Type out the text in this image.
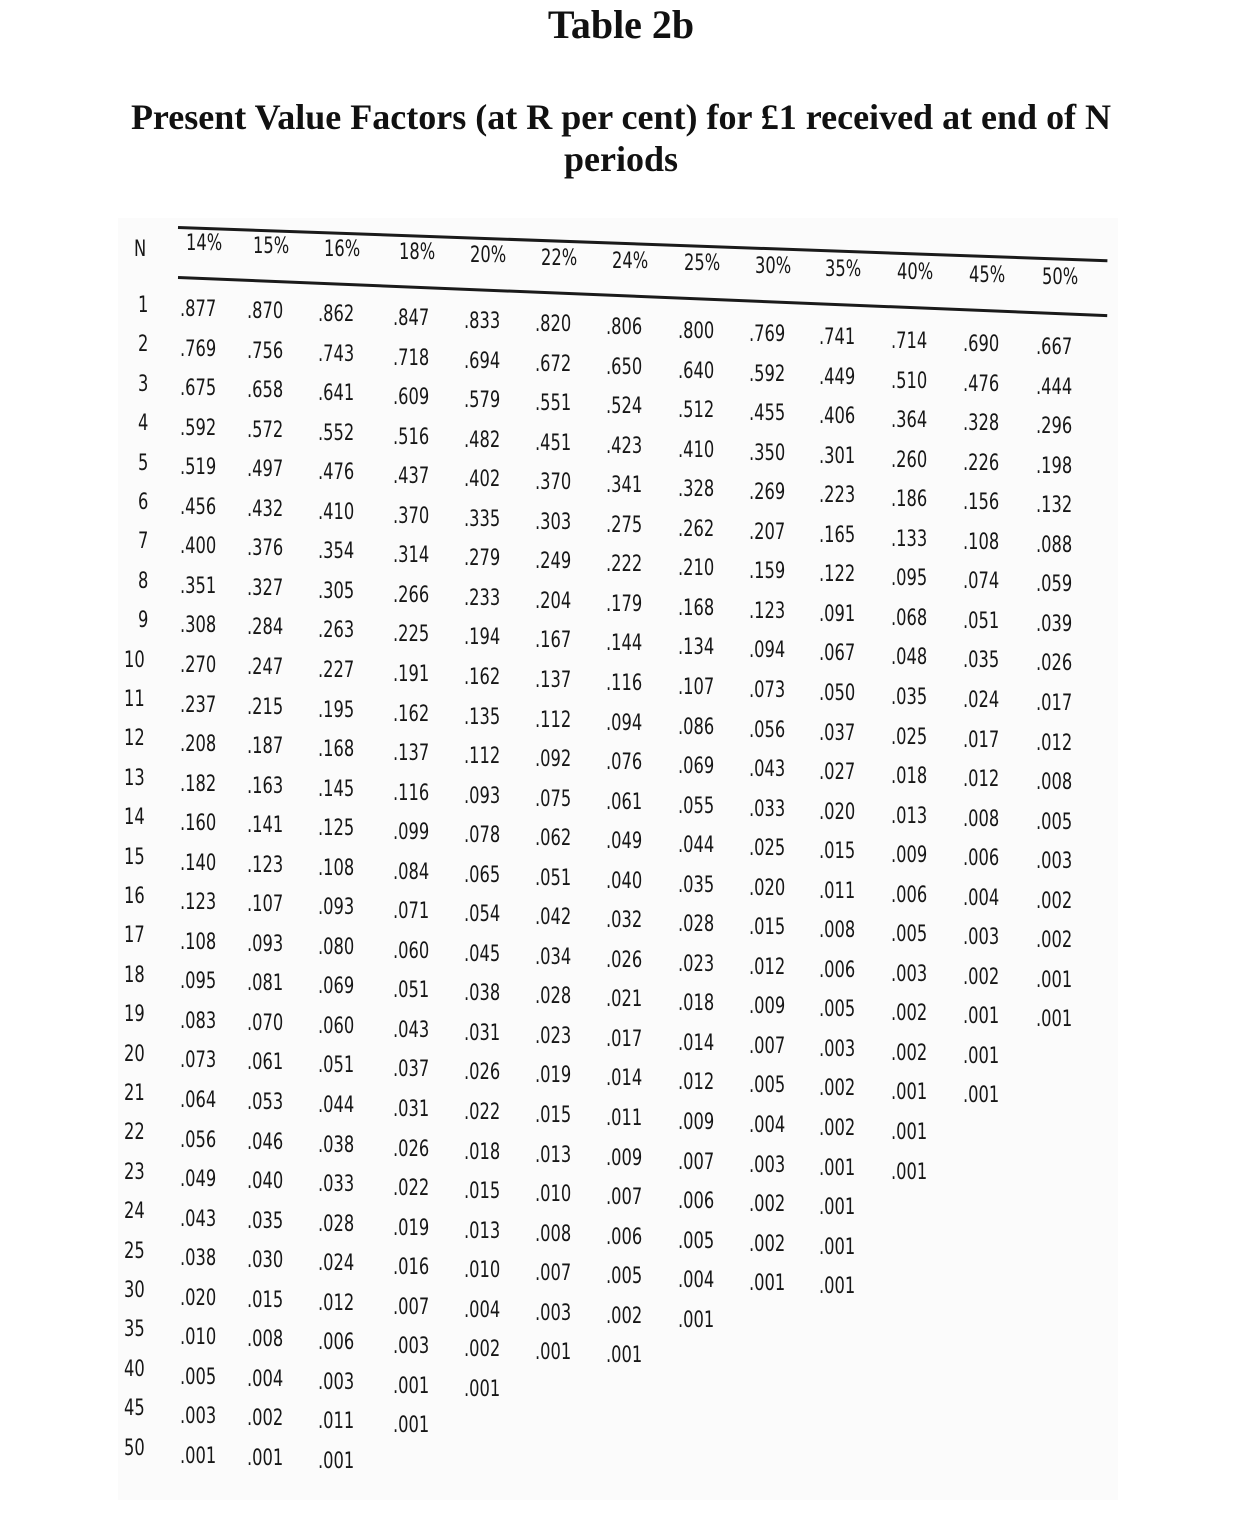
Table 2b
Present Value Factors (at R per cent) for £1 received at end of N periods
N 14% 15% 16% 18% 20% 22% 24% 25% 30% 35% 40% 45% 50%
1
2
3
4
5
6
7
8
9
10
11
12
13
14
15
16
17
18
19
20
21
22
23
24
25
30
35
40
45
50
.877
.769
.675
.592
.519
.456
.400
.351
.308
.270
.237
.208
.182
.160
.140
.123
.108
.095
.083
.073
.064
.056
.049
.043
.038
.020
.010
.005
.003
.001
.870
.756
.658
.572
.497
.432
.376
.327
.284
.247
.215
.187
.163
.141
.123
.107
.093
.081
.070
.061
.053
.046
.040
.035
.030
.015
.008
.004
.002
.001
.862
.743
.641
.552
.476
.410
.354
.305
.263
.227
.195
.168
.145
.125
.108
.093
.080
.069
.060
.051
.044
.038
.033
.028
.024
.012
.006
.003
.011
.001
.847
.718
.609
.516
.437
.370
.314
.266
.225
.191
.162
.137
.116
.099
.084
.071
.060
.051
.043
.037
.031
.026
.022
.019
.016
.007
.003
.001
.001
.833
.694
.579
.482
.402
.335
.279
.233
.194
.162
.135
.112
.093
.078
.065
.054
.045
.038
.031
.026
.022
.018
.015
.013
.010
.004
.002
.001
.820
.672
.551
.451
.370
.303
.249
.204
.167
.137
.112
.092
.075
.062
.051
.042
.034
.028
.023
.019
.015
.013
.010
.008
.007
.003
.001
.806
.650
.524
.423
.341
.275
.222
.179
.144
.116
.094
.076
.061
.049
.040
.032
.026
.021
.017
.014
.011
.009
.007
.006
.005
.002
.001
.800
.640
.512
.410
.328
.262
.210
.168
.134
.107
.086
.069
.055
.044
.035
.028
.023
.018
.014
.012
.009
.007
.006
.005
.004
.001
.769
.592
.455
.350
.269
.207
.159
.123
.094
.073
.056
.043
.033
.025
.020
.015
.012
.009
.007
.005
.004
.003
.002
.002
.001
.741
.449
.406
.301
.223
.165
.122
.091
.067
.050
.037
.027
.020
.015
.011
.008
.006
.005
.003
.002
.002
.001
.001
.001
.001
.714
.510
.364
.260
.186
.133
.095
.068
.048
.035
.025
.018
.013
.009
.006
.005
.003
.002
.002
.001
.001
.001
.690
.476
.328
.226
.156
.108
.074
.051
.035
.024
.017
.012
.008
.006
.004
.003
.002
.001
.001
.001
.667
.444
.296
.198
.132
.088
.059
.039
.026
.017
.012
.008
.005
.003
.002
.002
.001
.001
